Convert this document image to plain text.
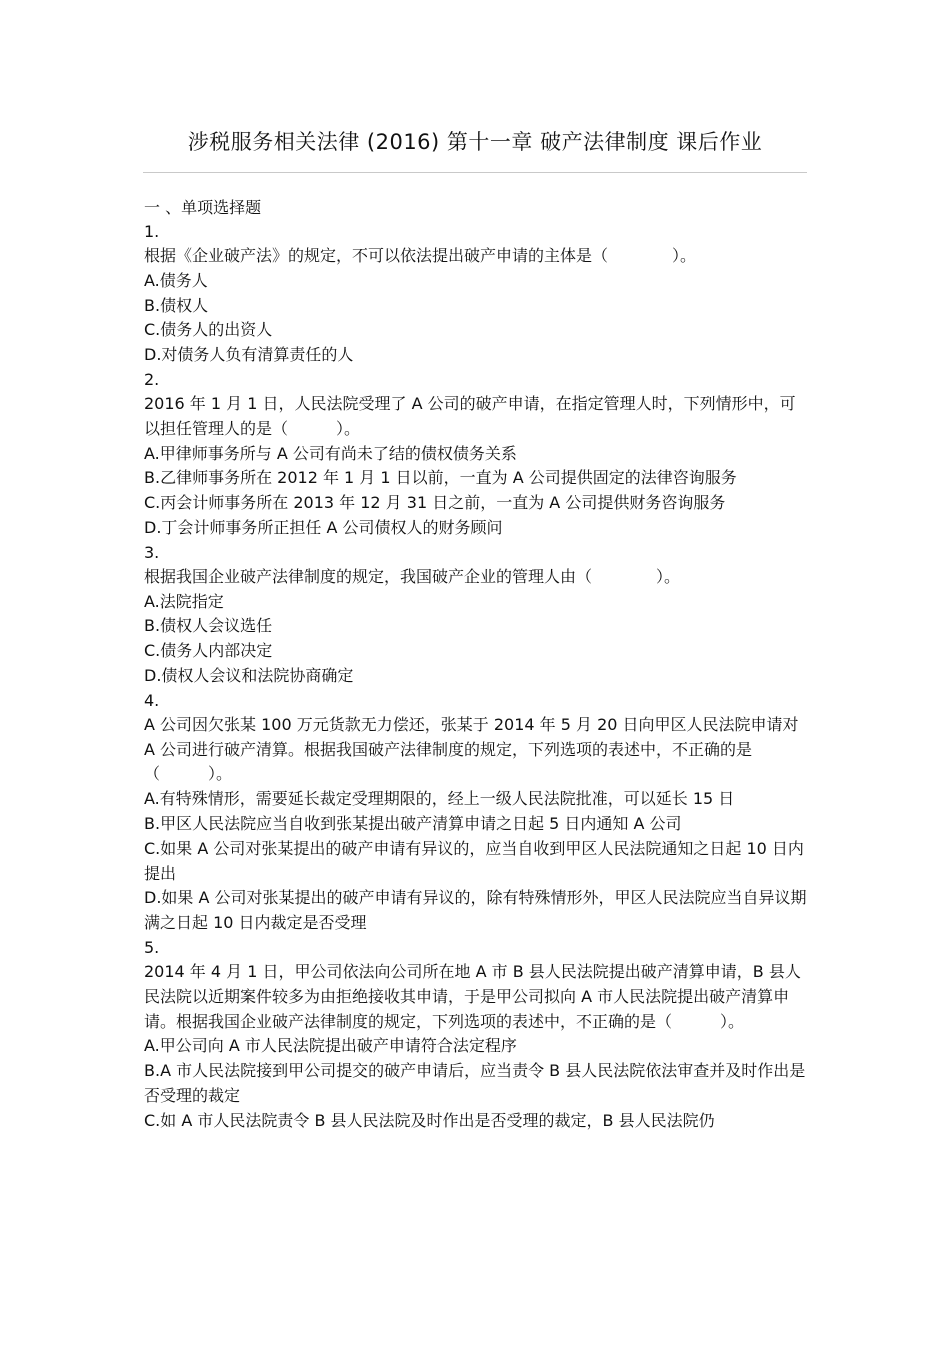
涉税服务相关法律 (2016) 第十一章 破产法律制度 课后作业
一 、单项选择题
1.
根据《企业破产法》的规定，不可以依法提出破产申请的主体是（　　　　）。
A.债务人
B.债权人
C.债务人的出资人
D.对债务人负有清算责任的人
2.
2016 年 1 月 1 日，人民法院受理了 A 公司的破产申请，在指定管理人时，下列情形中，可以担任管理人的是（　　　）。
A.甲律师事务所与 A 公司有尚未了结的债权债务关系
B.乙律师事务所在 2012 年 1 月 1 日以前，一直为 A 公司提供固定的法律咨询服务
C.丙会计师事务所在 2013 年 12 月 31 日之前，一直为 A 公司提供财务咨询服务
D.丁会计师事务所正担任 A 公司债权人的财务顾问
3.
根据我国企业破产法律制度的规定，我国破产企业的管理人由（　　　　）。
A.法院指定
B.债权人会议选任
C.债务人内部决定
D.债权人会议和法院协商确定
4.
A 公司因欠张某 100 万元货款无力偿还，张某于 2014 年 5 月 20 日向甲区人民法院申请对 A 公司进行破产清算。根据我国破产法律制度的规定，下列选项的表述中，不正确的是（　　　）。
A.有特殊情形，需要延长裁定受理期限的，经上一级人民法院批准，可以延长 15 日
B.甲区人民法院应当自收到张某提出破产清算申请之日起 5 日内通知 A 公司
C.如果 A 公司对张某提出的破产申请有异议的，应当自收到甲区人民法院通知之日起 10 日内提出
D.如果 A 公司对张某提出的破产申请有异议的，除有特殊情形外，甲区人民法院应当自异议期满之日起 10 日内裁定是否受理
5.
2014 年 4 月 1 日，甲公司依法向公司所在地 A 市 B 县人民法院提出破产清算申请，B 县人民法院以近期案件较多为由拒绝接收其申请，于是甲公司拟向 A 市人民法院提出破产清算申请。根据我国企业破产法律制度的规定，下列选项的表述中，不正确的是（　　　）。
A.甲公司向 A 市人民法院提出破产申请符合法定程序
B.A 市人民法院接到甲公司提交的破产申请后，应当责令 B 县人民法院依法审查并及时作出是否受理的裁定
C.如 A 市人民法院责令 B 县人民法院及时作出是否受理的裁定，B 县人民法院仍
